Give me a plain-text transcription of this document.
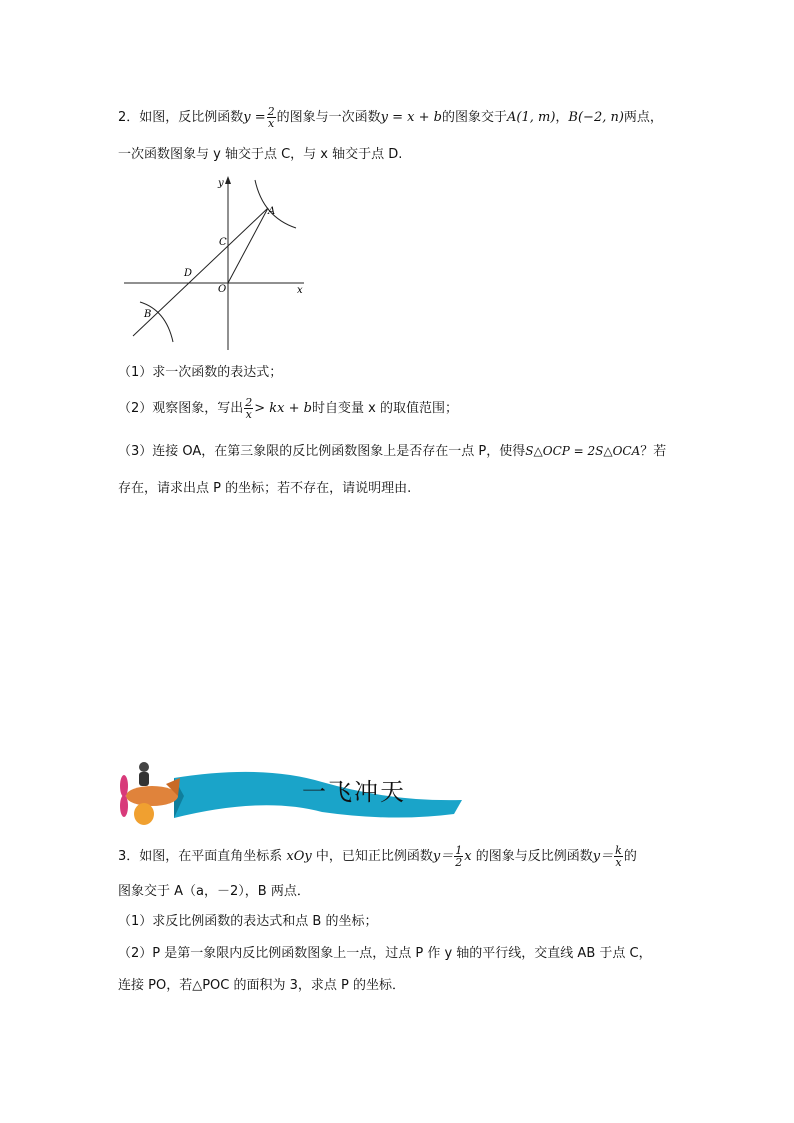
2．如图，反比例函数$y = \frac{2}{x}$ 的图象与一次函数y = x + b的图象交于A(1, m)，B(−2, n)两点，
一次函数图象与 y 轴交于点 C，与 x 轴交于点 D.
y
x
O
A
B
C
D
（1）求一次函数的表达式；
（2）观察图象，写出 $\frac{2}{x}$ > kx + b时自变量 x 的取值范围；
（3）连接 OA，在第三象限的反比例函数图象上是否存在一点 P，使得S△OCP = 2S△OCA？若
存在，请求出点 P 的坐标；若不存在，请说明理由.
一飞冲天
3．如图，在平面直角坐标系 xOy 中，已知正比例函数$y= \frac{1}{2}$ x 的图象与反比例函数$y= \frac{k}{x}$ 的
图象交于 A（a，－2），B 两点．
（1）求反比例函数的表达式和点 B 的坐标；
（2）P 是第一象限内反比例函数图象上一点，过点 P 作 y 轴的平行线，交直线 AB 于点 C，
连接 PO，若△POC 的面积为 3，求点 P 的坐标．
